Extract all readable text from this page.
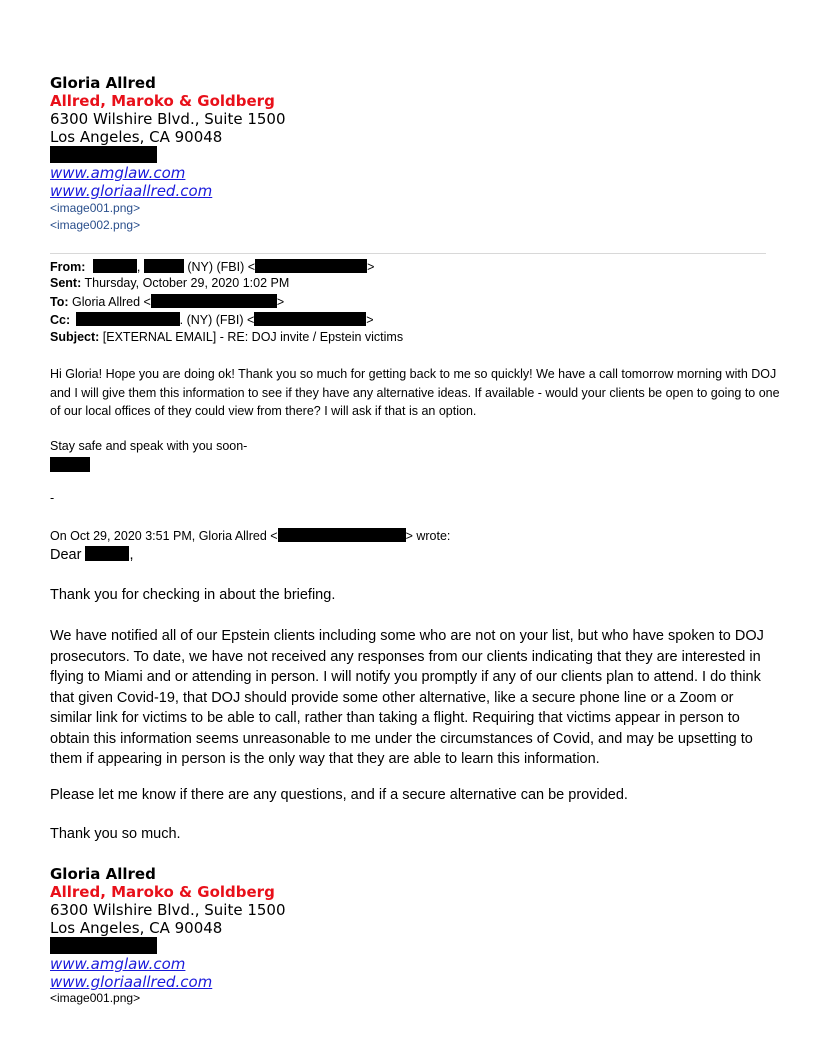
Gloria Allred
Allred, Maroko & Goldberg
6300 Wilshire Blvd., Suite 1500
Los Angeles, CA 90048
www.amglaw.com
www.gloriaallred.com
<image001.png>
<image002.png>
From:	,	(NY) (FBI) <	>
Sent: Thursday, October 29, 2020 1:02 PM
To: Gloria Allred <	>
Cc:	. (NY) (FBI) <	>
Subject: [EXTERNAL EMAIL] - RE: DOJ invite / Epstein victims
Hi Gloria! Hope you are doing ok! Thank you so much for getting back to me so quickly! We have a call tomorrow morning with DOJ and I will give them this information to see if they have any alternative ideas. If available - would your clients be open to going to one of our local offices of they could view from there? I will ask if that is an option.
Stay safe and speak with you soon-
-
On Oct 29, 2020 3:51 PM, Gloria Allred <	> wrote:
Dear	,
Thank you for checking in about the briefing.
We have notified all of our Epstein clients including some who are not on your list, but who have spoken to DOJ prosecutors. To date, we have not received any responses from our clients indicating that they are interested in flying to Miami and or attending in person. I will notify you promptly if any of our clients plan to attend. I do think that given Covid-19, that DOJ should provide some other alternative, like a secure phone line or a Zoom or similar link for victims to be able to call, rather than taking a flight. Requiring that victims appear in person to obtain this information seems unreasonable to me under the circumstances of Covid, and may be upsetting to them if appearing in person is the only way that they are able to learn this information.
Please let me know if there are any questions, and if a secure alternative can be provided.
Thank you so much.
Gloria Allred
Allred, Maroko & Goldberg
6300 Wilshire Blvd., Suite 1500
Los Angeles, CA 90048
www.amglaw.com
www.gloriaallred.com
<image001.png>
